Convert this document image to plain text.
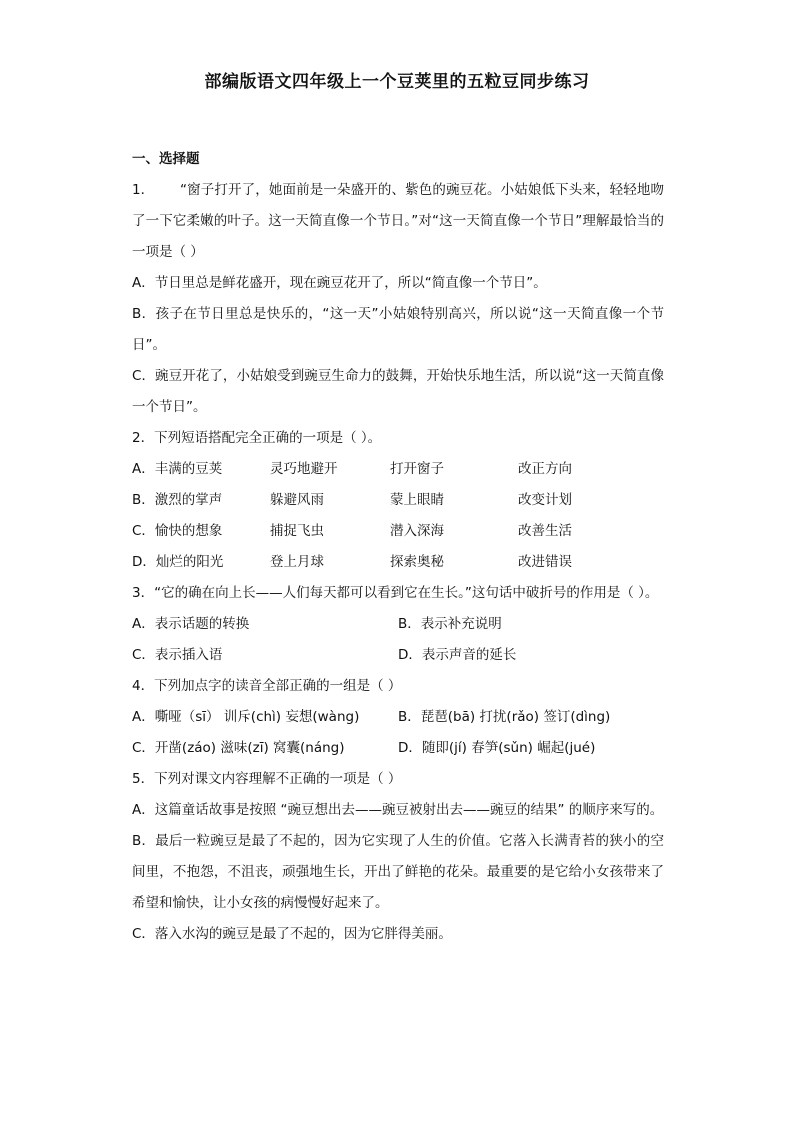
部编版语文四年级上一个豆荚里的五粒豆同步练习
一、选择题
1． “窗子打开了，她面前是一朵盛开的、紫色的豌豆花。小姑娘低下头来，轻轻地吻了一下它柔嫩的叶子。这一天简直像一个节日。”对“这一天简直像一个节日”理解最恰当的一项是（ ）
A．节日里总是鲜花盛开，现在豌豆花开了，所以“简直像一个节日”。
B．孩子在节日里总是快乐的，“这一天”小姑娘特别高兴，所以说“这一天简直像一个节日”。
C．豌豆开花了，小姑娘受到豌豆生命力的鼓舞，开始快乐地生活，所以说“这一天简直像一个节日”。
2．下列短语搭配完全正确的一项是（ ）。
A．丰满的豆荚	灵巧地避开	打开窗子	改正方向
B．激烈的掌声	躲避风雨	蒙上眼睛	改变计划
C．愉快的想象	捕捉飞虫	潜入深海	改善生活
D．灿烂的阳光	登上月球	探索奥秘	改进错误
3．“它的确在向上长——人们每天都可以看到它在生长。”这句话中破折号的作用是（ ）。
A．表示话题的转换	B．表示补充说明
C．表示插入语	D．表示声音的延长
4．下列加点字的读音全部正确的一组是（ ）
A．嘶哑（sī） 训斥(chì) 妄想(wàng)	B．琵琶(bā) 打扰(rǎo) 签订(dìng)
C．开凿(záo) 滋味(zī) 窝囊(náng)	D．随即(jí) 春笋(sǔn) 崛起(jué)
5．下列对课文内容理解不正确的一项是（ ）
A．这篇童话故事是按照 “豌豆想出去——豌豆被射出去——豌豆的结果” 的顺序来写的。
B．最后一粒豌豆是最了不起的，因为它实现了人生的价值。它落入长满青苔的狭小的空间里，不抱怨，不沮丧，顽强地生长，开出了鲜艳的花朵。最重要的是它给小女孩带来了希望和愉快，让小女孩的病慢慢好起来了。
C．落入水沟的豌豆是最了不起的，因为它胖得美丽。
